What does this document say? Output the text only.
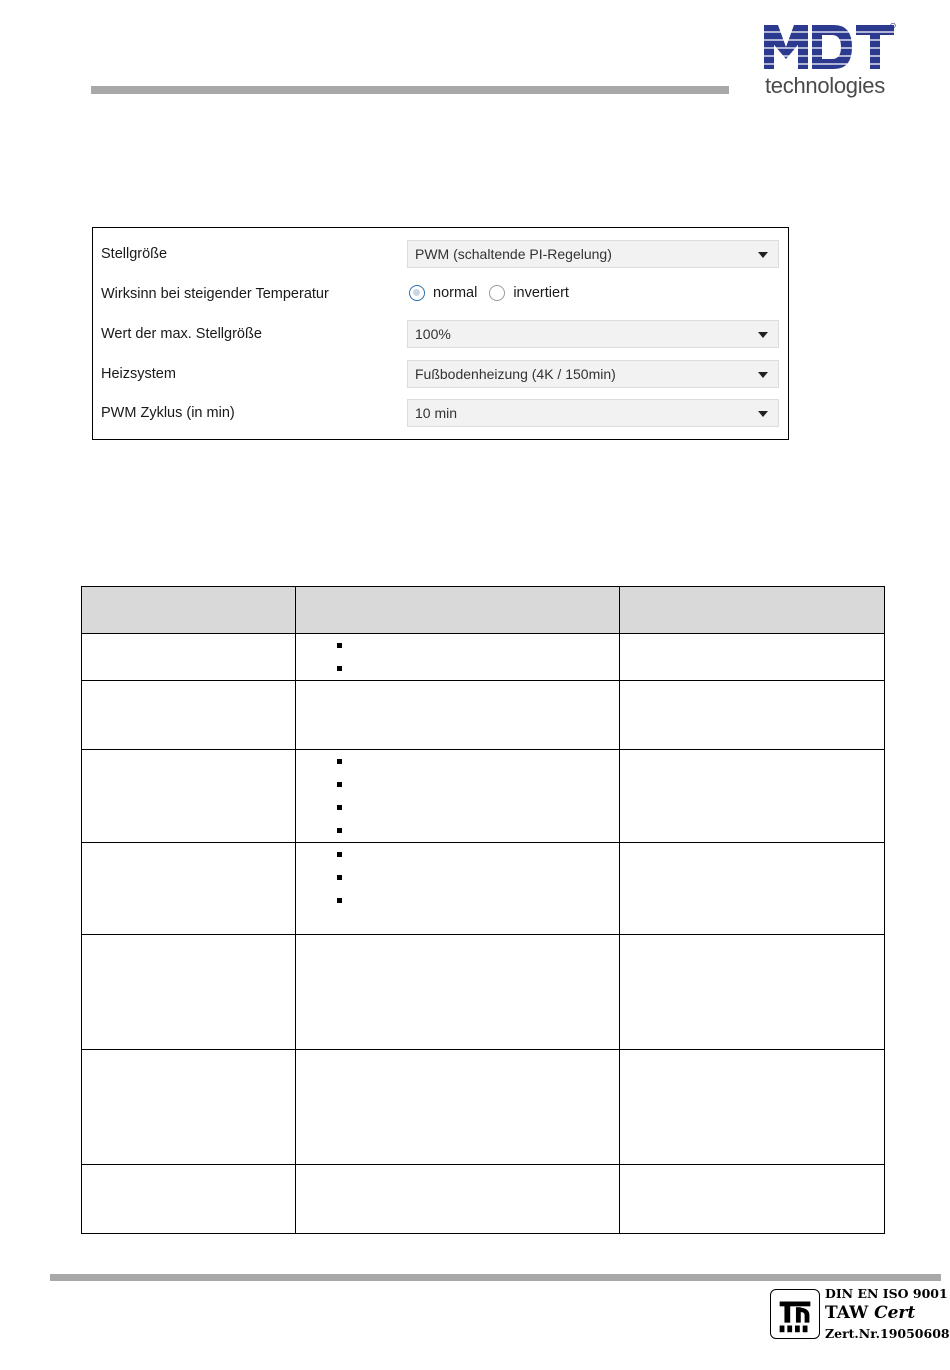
technologies
Stellgröße	PWM (schaltende PI-Regelung)
Wirksinn bei steigender Temperatur	normal invertiert
Wert der max. Stellgröße	100%
Heizsystem	Fußbodenheizung (4K / 150min)
PWM Zyklus (in min)	10 min

DIN EN ISO 9001
TAW Cert
Zert.Nr.19050608
